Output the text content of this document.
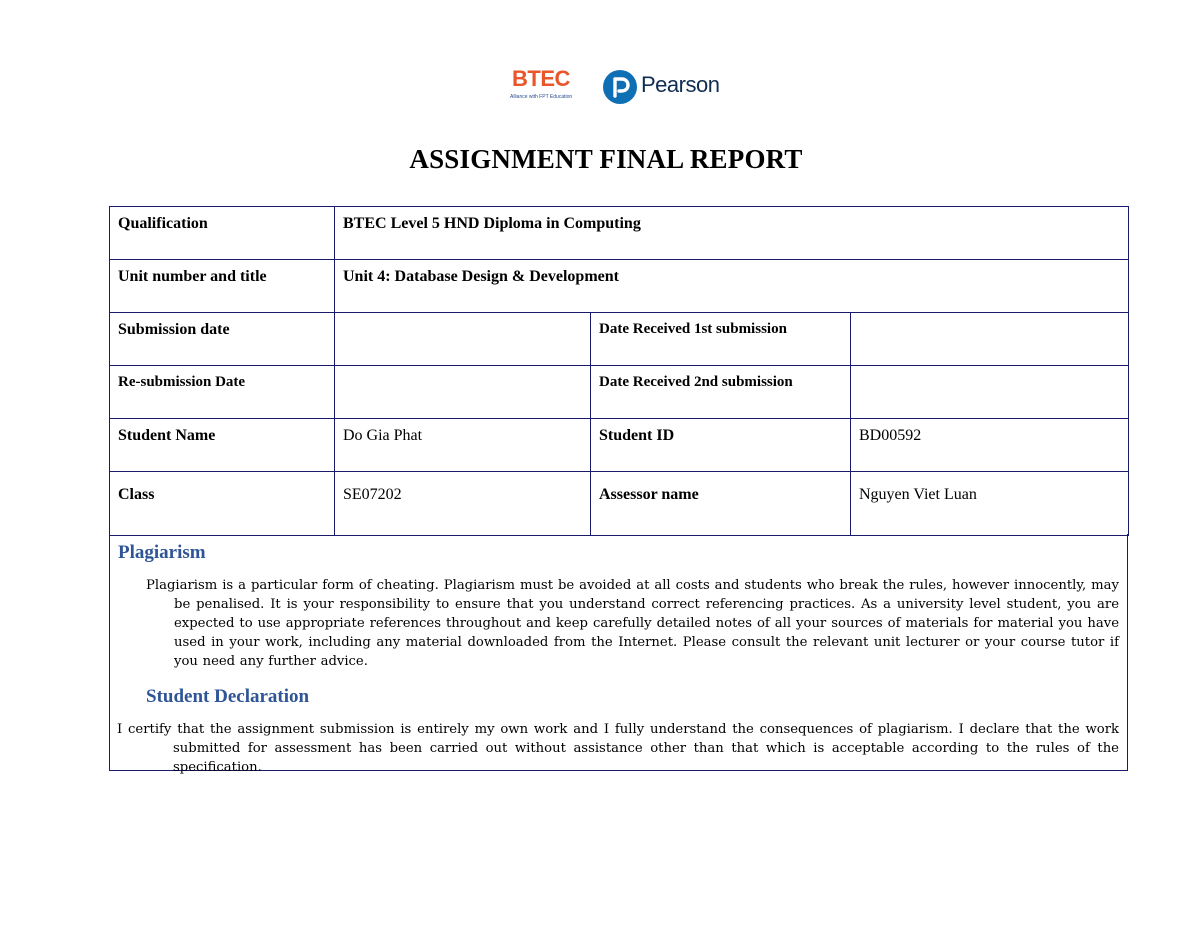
BTEC
Alliance with FPT Education	Pearson
ASSIGNMENT FINAL REPORT
Qualification	BTEC Level 5 HND Diploma in Computing		
Unit number and title	Unit 4: Database Design & Development		
Submission date		Date Received 1st submission	
Re-submission Date		Date Received 2nd submission	
Student Name	Do Gia Phat	Student ID	BD00592
Class	SE07202	Assessor name	Nguyen Viet Luan
Plagiarism
Plagiarism is a particular form of cheating. Plagiarism must be avoided at all costs and students who break the rules, however innocently, may be penalised. It is your responsibility to ensure that you understand correct referencing practices. As a university level student, you are expected to use appropriate references throughout and keep carefully detailed notes of all your sources of materials for material you have used in your work, including any material downloaded from the Internet. Please consult the relevant unit lecturer or your course tutor if you need any further advice.
Student Declaration
I certify that the assignment submission is entirely my own work and I fully understand the consequences of plagiarism. I declare that the work submitted for assessment has been carried out without assistance other than that which is acceptable according to the rules of the specification.
